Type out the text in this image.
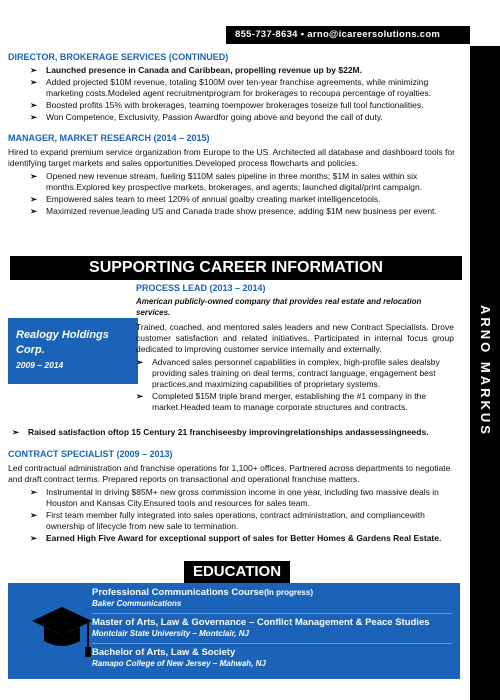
855-737-8634 • arno@icareersolutions.com
ARNO MARKUS

DIRECTOR, BROKERAGE SERVICES (CONTINUED)

➢ Launched presence in Canada and Caribbean, propelling revenue up by $22M.
➢ Added projected $10M revenue, totaling $100M over ten-year franchise agreements, while minimizing marketing costs.Modeled agent recruitmentprogram for brokerages to recoupa percentage of royalties.
➢ Boosted profits 15% with brokerages, teaming toempower brokerages toseize full tool functionalities.
➢ Won Competence, Exclusivity, Passion Awardfor going above and beyond the call of duty.

MANAGER, MARKET RESEARCH (2014 – 2015)

Hired to expand premium service organization from Europe to the US. Architected all database and dashboard tools for identifying target markets and sales opportunities.Developed process flowcharts and policies.

➢ Opened new revenue stream, fueling $110M sales pipeline in three months; $1M in sales within six months.Explored key prospective markets, brokerages, and agents; launched digital/print campaign.
➢ Empowered sales team to meet 120% of annual goalby creating market intelligencetools.
➢ Maximized revenue,leading US and Canada trade show presence, adding $1M new business per event.
SUPPORTING CAREER INFORMATION
Realogy Holdings Corp.
2009 – 2014

PROCESS LEAD (2013 – 2014)

American publicly-owned company that provides real estate and relocation services.

Trained, coached, and mentored sales leaders and new Contract Specialists. Drove customer satisfaction and related initiatives. Participated in internal focus group dedicated to improving customer service internally and externally.

➢ Advanced sales personnel capabilities in complex, high-profile sales dealsby providing sales training on deal terms, contract language, engagement best practices,and maximizing capabilities of proprietary systems.
➢ Completed $15M triple brand merger, establishing the #1 company in the market.Headed team to manage corporate structures and contracts.
➢ Raised satisfaction oftop 15 Century 21 franchiseesby improvingrelationships andassessingneeds.

CONTRACT SPECIALIST (2009 – 2013)

Led contractual administration and franchise operations for 1,100+ offices. Partnered across departments to negotiate and draft contract terms. Prepared reports on transactional and operational franchise matters.

➢ Instrumental in driving $85M+ new gross commission income in one year, including two massive deals in Houston and Kansas City.Ensured tools and resources for sales team.
➢ First team member fully integrated into sales operations, contract administration, and compliancewith ownership of lifecycle from new sale to termination.
➢ Earned High Five Award for exceptional support of sales for Better Homes & Gardens Real Estate.
EDUCATION
Professional Communications Course(In progress)
Baker Communications
Master of Arts, Law & Governance – Conflict Management & Peace Studies
Montclair State University – Montclair, NJ
Bachelor of Arts, Law & Society
Ramapo College of New Jersey – Mahwah, NJ
